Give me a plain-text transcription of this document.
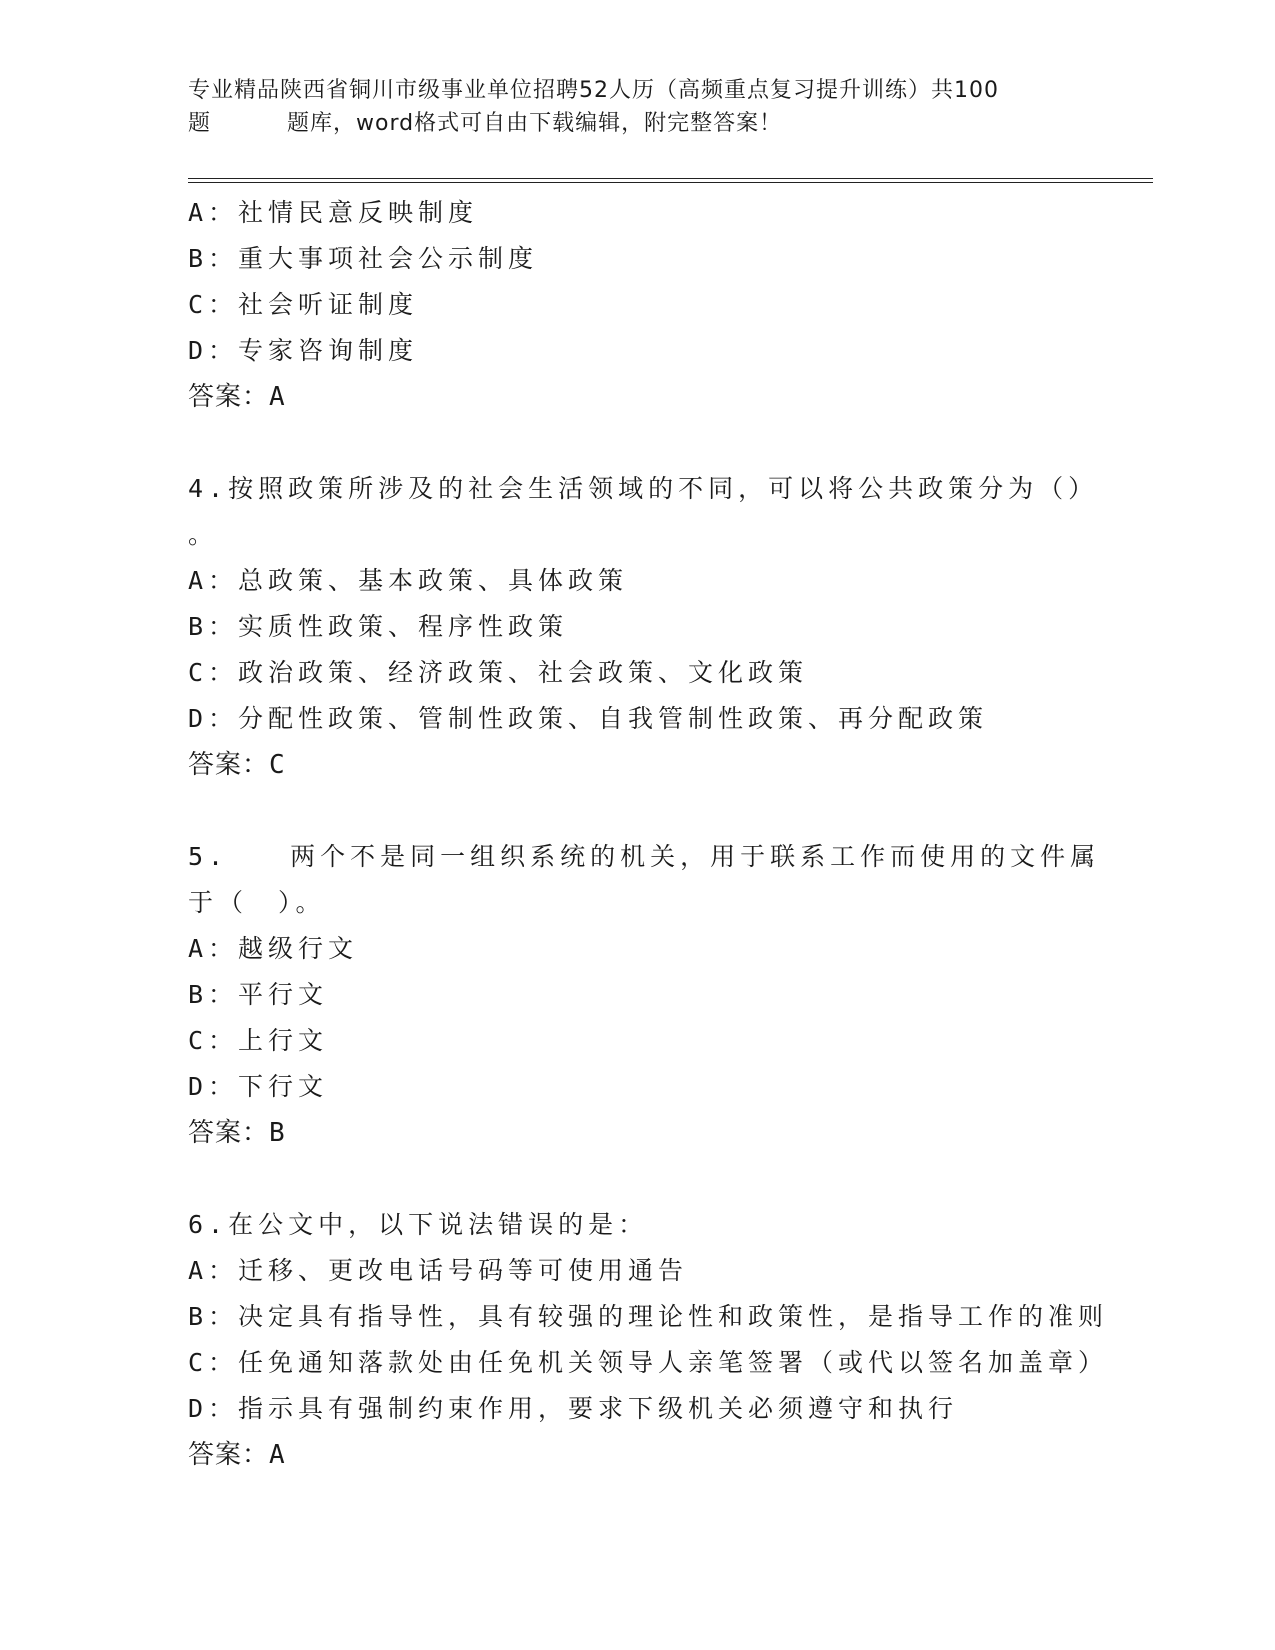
专业精品陕西省铜川市级事业单位招聘52人历（高频重点复习提升训练）共100
题	题库，word格式可自由下载编辑，附完整答案！
A：社情民意反映制度
B：重大事项社会公示制度
C：社会听证制度
D：专家咨询制度
答案：A
4.按照政策所涉及的社会生活领域的不同，可以将公共政策分为（）
。
A：总政策、基本政策、具体政策
B：实质性政策、程序性政策
C：政治政策、经济政策、社会政策、文化政策
D：分配性政策、管制性政策、自我管制性政策、再分配政策
答案：C
5. 两个不是同一组织系统的机关，用于联系工作而使用的文件属
于（　）。
A：越级行文
B：平行文
C：上行文
D：下行文
答案：B
6.在公文中，以下说法错误的是：
A：迁移、更改电话号码等可使用通告
B：决定具有指导性，具有较强的理论性和政策性，是指导工作的准则
C：任免通知落款处由任免机关领导人亲笔签署（或代以签名加盖章）
D：指示具有强制约束作用，要求下级机关必须遵守和执行
答案：A
